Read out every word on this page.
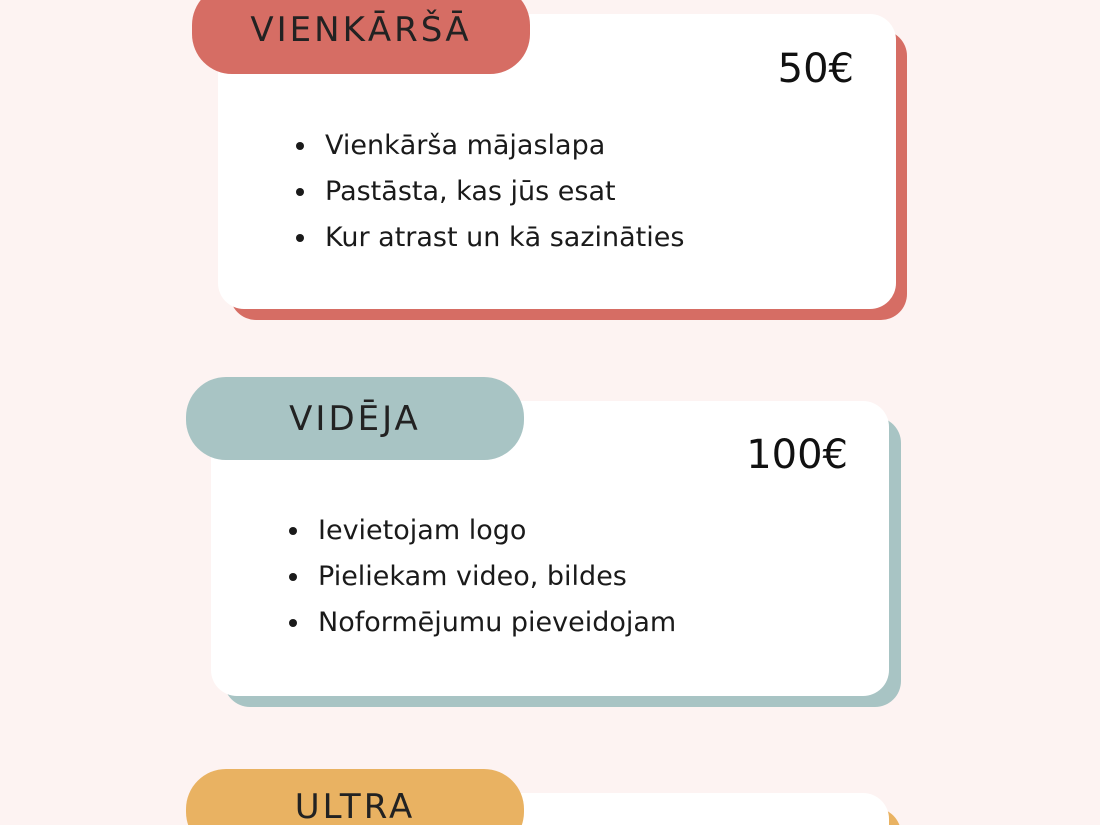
VIENKĀRŠĀ
50€
• Vienkārša mājaslapa
• Pastāsta, kas jūs esat
• Kur atrast un kā sazināties
VIDĒJA
100€
• Ievietojam logo
• Pieliekam video, bildes
• Noformējumu pieveidojam
ULTRA
